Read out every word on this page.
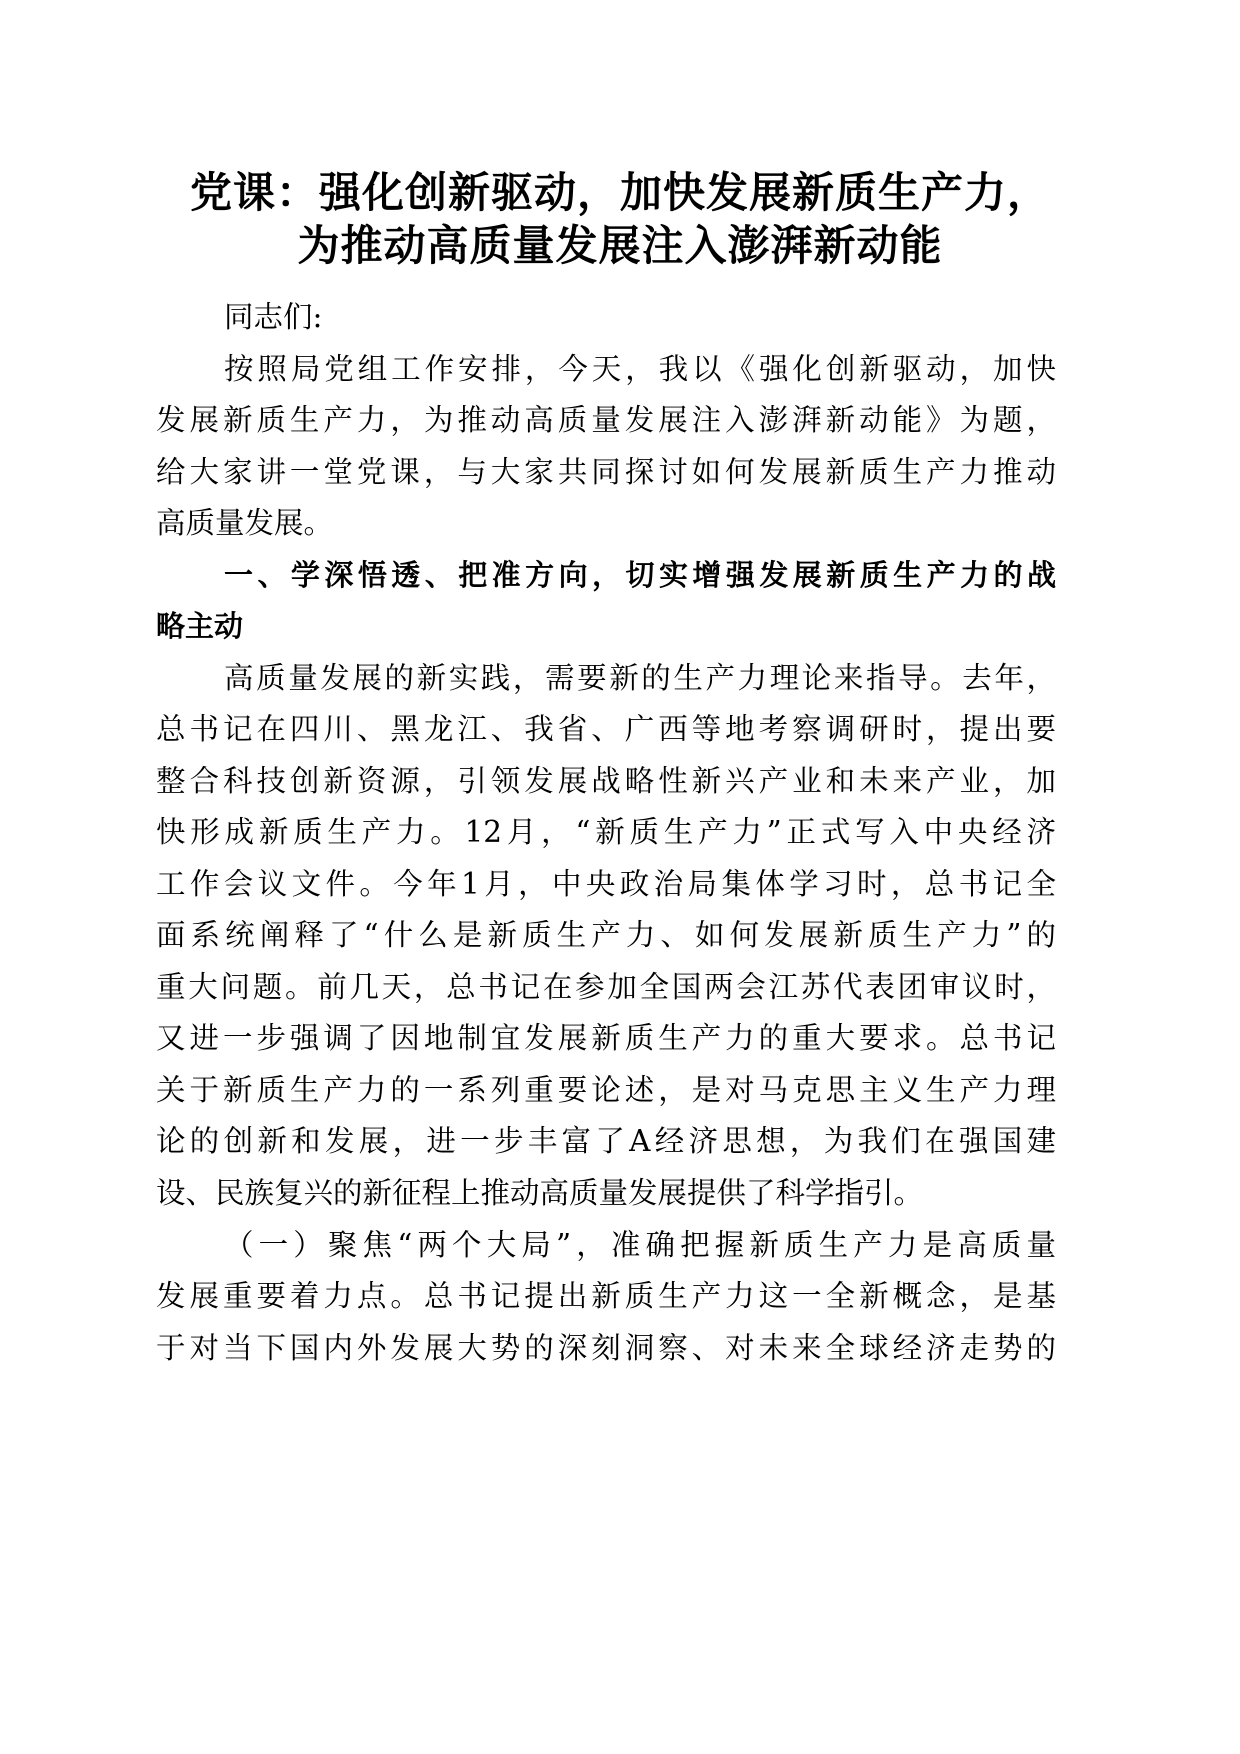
党课：强化创新驱动，加快发展新质生产力，
为推动高质量发展注入澎湃新动能
同志们:
按照局党组工作安排，今天，我以《强化创新驱动，加快
发展新质生产力，为推动高质量发展注入澎湃新动能》为题，
给大家讲一堂党课，与大家共同探讨如何发展新质生产力推动
高质量发展。
一、学深悟透、把准方向，切实增强发展新质生产力的战
略主动
高质量发展的新实践，需要新的生产力理论来指导。去年，
总书记在四川、黑龙江、我省、广西等地考察调研时，提出要
整合科技创新资源，引领发展战略性新兴产业和未来产业，加
快形成新质生产力。12月，“新质生产力”正式写入中央经济
工作会议文件。今年1月，中央政治局集体学习时，总书记全
面系统阐释了“什么是新质生产力、如何发展新质生产力”的
重大问题。前几天，总书记在参加全国两会江苏代表团审议时，
又进一步强调了因地制宜发展新质生产力的重大要求。总书记
关于新质生产力的一系列重要论述，是对马克思主义生产力理
论的创新和发展，进一步丰富了A经济思想，为我们在强国建
设、民族复兴的新征程上推动高质量发展提供了科学指引。
（一）聚焦“两个大局”，准确把握新质生产力是高质量
发展重要着力点。总书记提出新质生产力这一全新概念，是基
于对当下国内外发展大势的深刻洞察、对未来全球经济走势的
